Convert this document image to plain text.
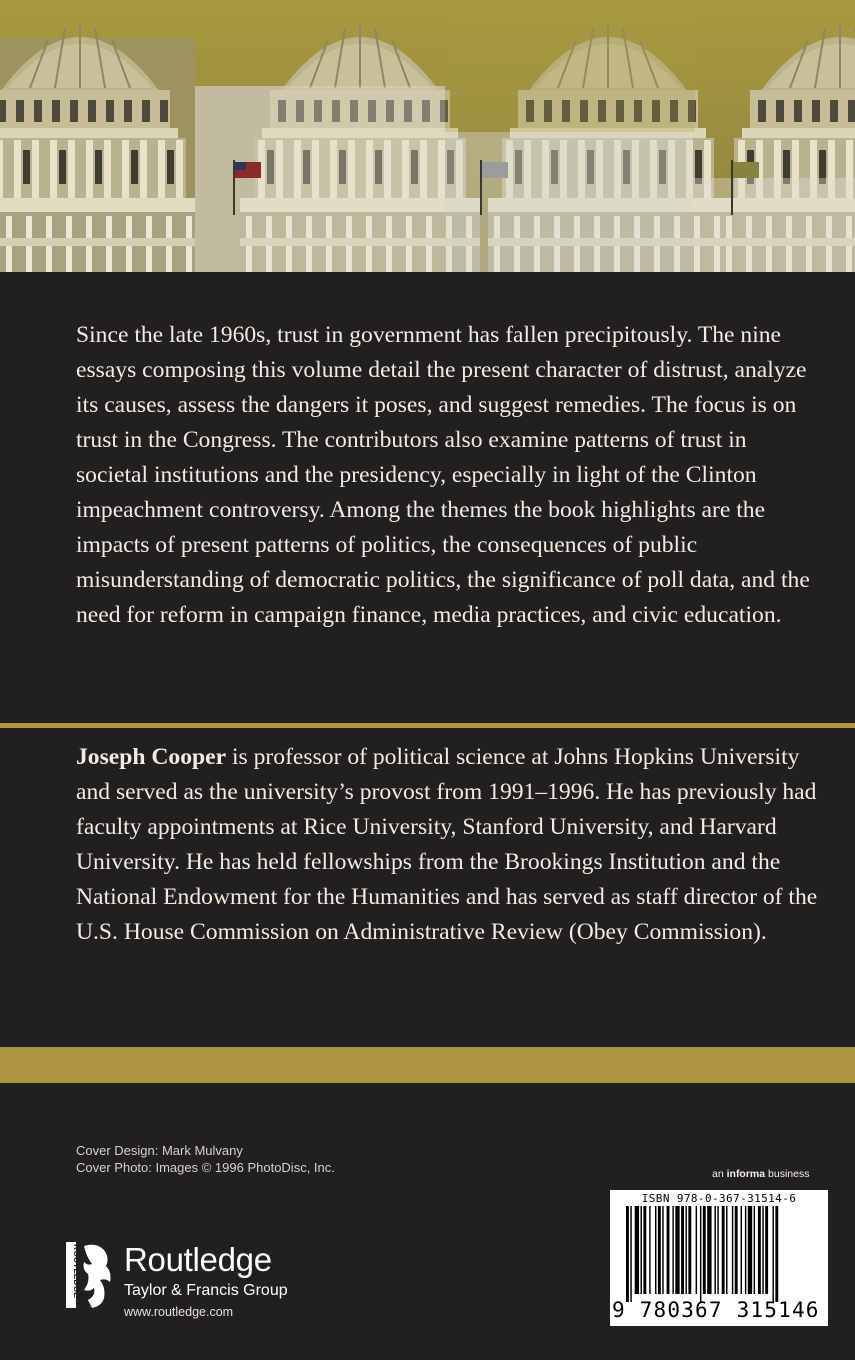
Since the late 1960s, trust in government has fallen precipitously. The nine essays composing this volume detail the present character of distrust, analyze its causes, assess the dangers it poses, and suggest remedies. The focus is on trust in the Congress. The contributors also examine patterns of trust in societal institutions and the presidency, especially in light of the Clinton impeachment controversy. Among the themes the book highlights are the impacts of present patterns of politics, the consequences of public misunderstanding of democratic politics, the significance of poll data, and the need for reform in campaign finance, media practices, and civic education.

Joseph Cooper is professor of political science at Johns Hopkins University and served as the university’s provost from 1991–1996. He has previously had faculty appointments at Rice University, Stanford University, and Harvard University. He has held fellowships from the Brookings Institution and the National Endowment for the Humanities and has served as staff director of the U.S. House Commission on Administrative Review (Obey Commission).

Cover Design: Mark Mulvany
Cover Photo: Images © 1996 PhotoDisc, Inc.
ROUTLEDGE Routledge
Taylor & Francis Group
www.routledge.com
an informa business
ISBN 978-0-367-31514-6
9 780367 315146
